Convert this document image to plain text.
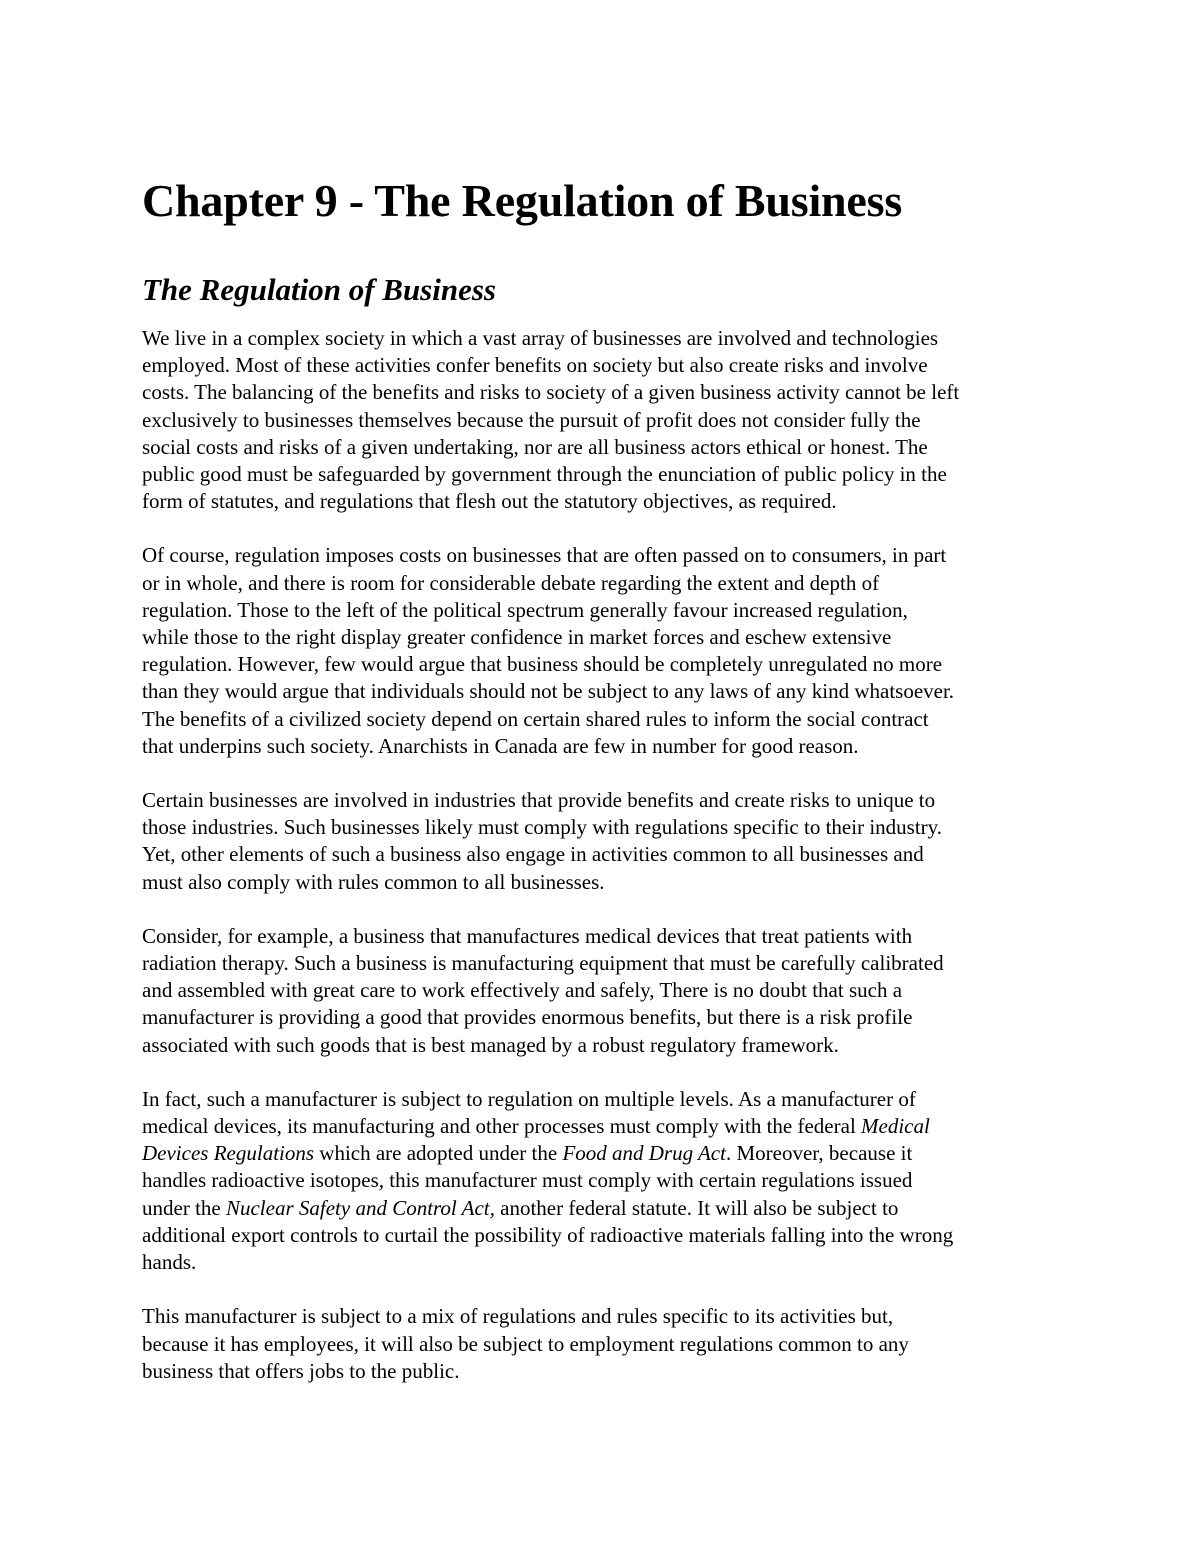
Chapter 9 - The Regulation of Business
The Regulation of Business

We live in a complex society in which a vast array of businesses are involved and technologies
employed. Most of these activities confer benefits on society but also create risks and involve
costs. The balancing of the benefits and risks to society of a given business activity cannot be left
exclusively to businesses themselves because the pursuit of profit does not consider fully the
social costs and risks of a given undertaking, nor are all business actors ethical or honest. The
public good must be safeguarded by government through the enunciation of public policy in the
form of statutes, and regulations that flesh out the statutory objectives, as required.

Of course, regulation imposes costs on businesses that are often passed on to consumers, in part
or in whole, and there is room for considerable debate regarding the extent and depth of
regulation. Those to the left of the political spectrum generally favour increased regulation,
while those to the right display greater confidence in market forces and eschew extensive
regulation. However, few would argue that business should be completely unregulated no more
than they would argue that individuals should not be subject to any laws of any kind whatsoever.
The benefits of a civilized society depend on certain shared rules to inform the social contract
that underpins such society. Anarchists in Canada are few in number for good reason.

Certain businesses are involved in industries that provide benefits and create risks to unique to
those industries. Such businesses likely must comply with regulations specific to their industry.
Yet, other elements of such a business also engage in activities common to all businesses and
must also comply with rules common to all businesses.

Consider, for example, a business that manufactures medical devices that treat patients with
radiation therapy. Such a business is manufacturing equipment that must be carefully calibrated
and assembled with great care to work effectively and safely, There is no doubt that such a
manufacturer is providing a good that provides enormous benefits, but there is a risk profile
associated with such goods that is best managed by a robust regulatory framework.

In fact, such a manufacturer is subject to regulation on multiple levels. As a manufacturer of
medical devices, its manufacturing and other processes must comply with the federal Medical
Devices Regulations which are adopted under the Food and Drug Act. Moreover, because it
handles radioactive isotopes, this manufacturer must comply with certain regulations issued
under the Nuclear Safety and Control Act, another federal statute. It will also be subject to
additional export controls to curtail the possibility of radioactive materials falling into the wrong
hands.

This manufacturer is subject to a mix of regulations and rules specific to its activities but,
because it has employees, it will also be subject to employment regulations common to any
business that offers jobs to the public.
